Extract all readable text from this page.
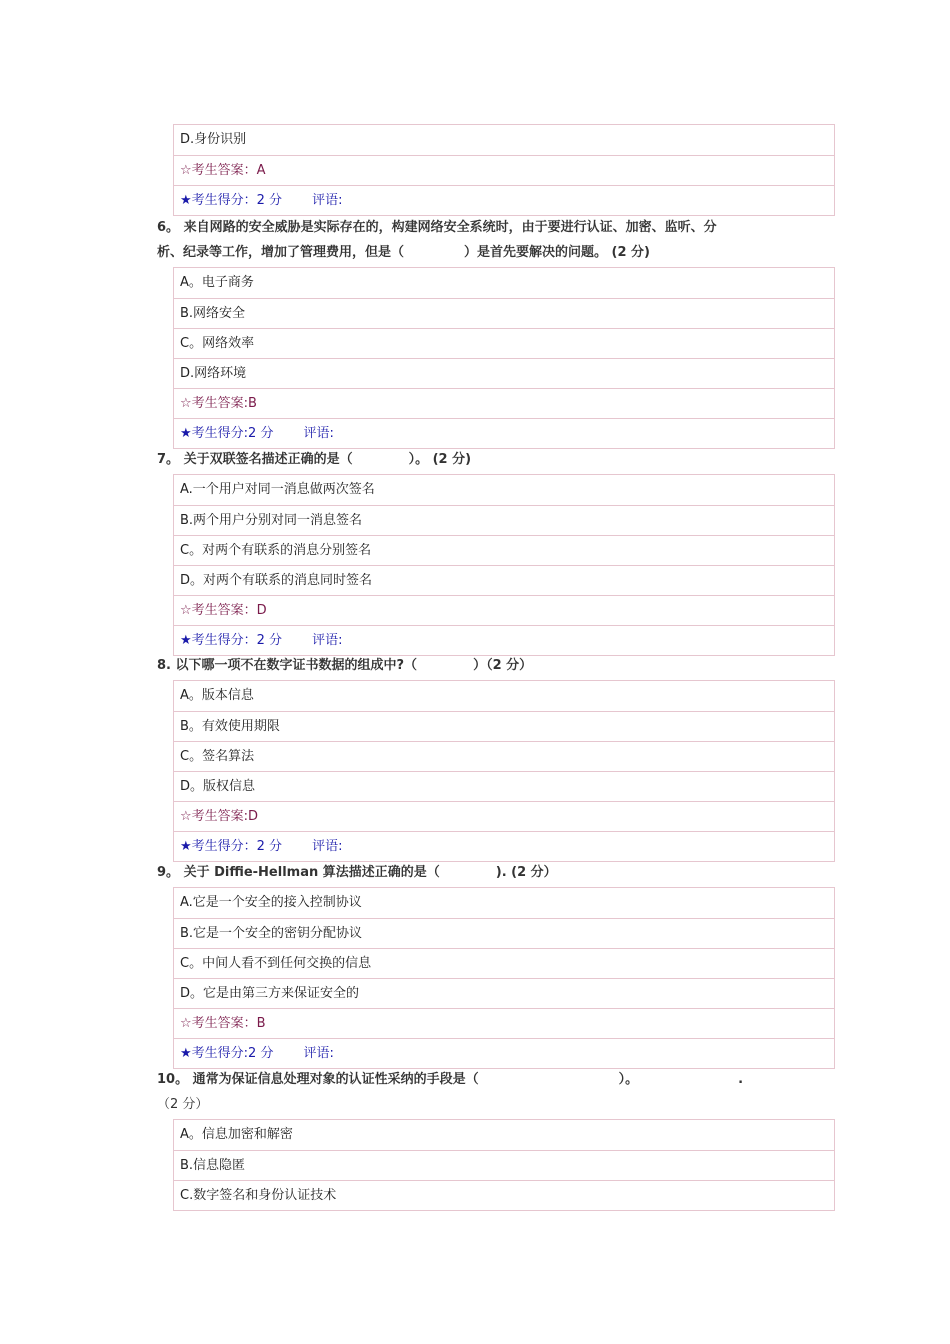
D.身份识别
☆考生答案：A
★考生得分：2 分 评语:
6。 来自网路的安全威胁是实际存在的，构建网络安全系统时，由于要进行认证、加密、监听、分
析、纪录等工作，增加了管理费用，但是（	）是首先要解决的问题。 (2 分)
A。电子商务
B.网络安全
C。网络效率
D.网络环境
☆考生答案:B
★考生得分:2 分 评语:
7。 关于双联签名描述正确的是（	）。 (2 分)
A.一个用户对同一消息做两次签名
B.两个用户分别对同一消息签名
C。对两个有联系的消息分别签名
D。对两个有联系的消息同时签名
☆考生答案：D
★考生得分：2 分 评语:
8. 以下哪一项不在数字证书数据的组成中?（	）（2 分）
A。版本信息
B。有效使用期限
C。签名算法
D。版权信息
☆考生答案:D
★考生得分：2 分 评语:
9。 关于 Diffie-Hellman 算法描述正确的是（	). (2 分）
A.它是一个安全的接入控制协议
B.它是一个安全的密钥分配协议
C。中间人看不到任何交换的信息
D。它是由第三方来保证安全的
☆考生答案：B
★考生得分:2 分 评语:
10。 通常为保证信息处理对象的认证性采纳的手段是（	）。	.
（2 分）
A。信息加密和解密
B.信息隐匿
C.数字签名和身份认证技术
